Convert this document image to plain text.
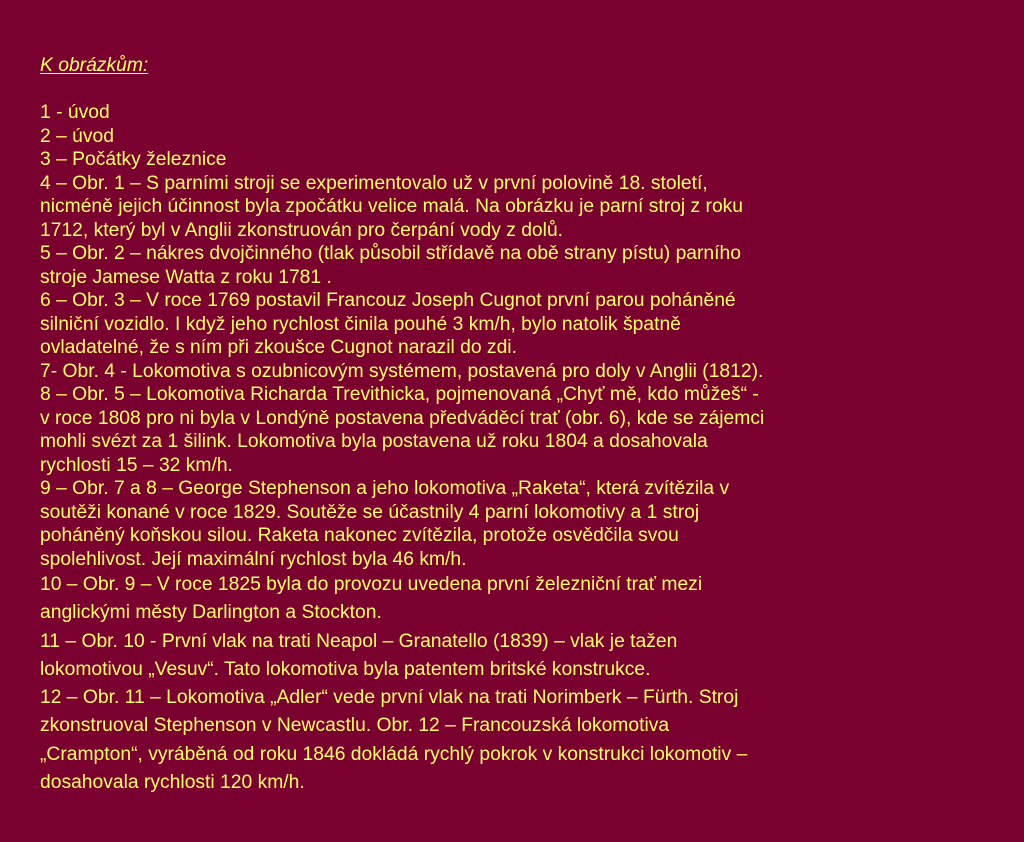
K obrázkům:

1 - úvod

2 – úvod

3 – Počátky železnice

4 – Obr. 1 – S parními stroji se experimentovalo už v první polovině 18. století,
nicméně jejich účinnost byla zpočátku velice malá. Na obrázku je parní stroj z roku
1712, který byl v Anglii zkonstruován pro čerpání vody z dolů.

5 – Obr. 2 – nákres dvojčinného (tlak působil střídavě na obě strany pístu) parního
stroje Jamese Watta z roku 1781 .

6 – Obr. 3 – V roce 1769 postavil Francouz Joseph Cugnot první parou poháněné
silniční vozidlo. I když jeho rychlost činila pouhé 3 km/h, bylo natolik špatně
ovladatelné, že s ním při zkoušce Cugnot narazil do zdi.

7- Obr. 4 - Lokomotiva s ozubnicovým systémem, postavená pro doly v Anglii (1812).

8 – Obr. 5 – Lokomotiva Richarda Trevithicka, pojmenovaná „Chyť mě, kdo můžeš“ -
v roce 1808 pro ni byla v Londýně postavena předváděcí trať (obr. 6), kde se zájemci
mohli svézt za 1 šilink. Lokomotiva byla postavena už roku 1804 a dosahovala
rychlosti 15 – 32 km/h.

9 – Obr. 7 a 8 – George Stephenson a jeho lokomotiva „Raketa“, která zvítězila v
soutěži konané v roce 1829. Soutěže se účastnily 4 parní lokomotivy a 1 stroj
poháněný koňskou silou. Raketa nakonec zvítězila, protože osvědčila svou
spolehlivost. Její maximální rychlost byla 46 km/h.

10 – Obr. 9 – V roce 1825 byla do provozu uvedena první železniční trať mezi
anglickými městy Darlington a Stockton.

11 – Obr. 10 - První vlak na trati Neapol – Granatello (1839) – vlak je tažen
lokomotivou „Vesuv“. Tato lokomotiva byla patentem britské konstrukce.

12 – Obr. 11 – Lokomotiva „Adler“ vede první vlak na trati Norimberk – Fürth. Stroj
zkonstruoval Stephenson v Newcastlu. Obr. 12 – Francouzská lokomotiva
„Crampton“, vyráběná od roku 1846 dokládá rychlý pokrok v konstrukci lokomotiv –
dosahovala rychlosti 120 km/h.
